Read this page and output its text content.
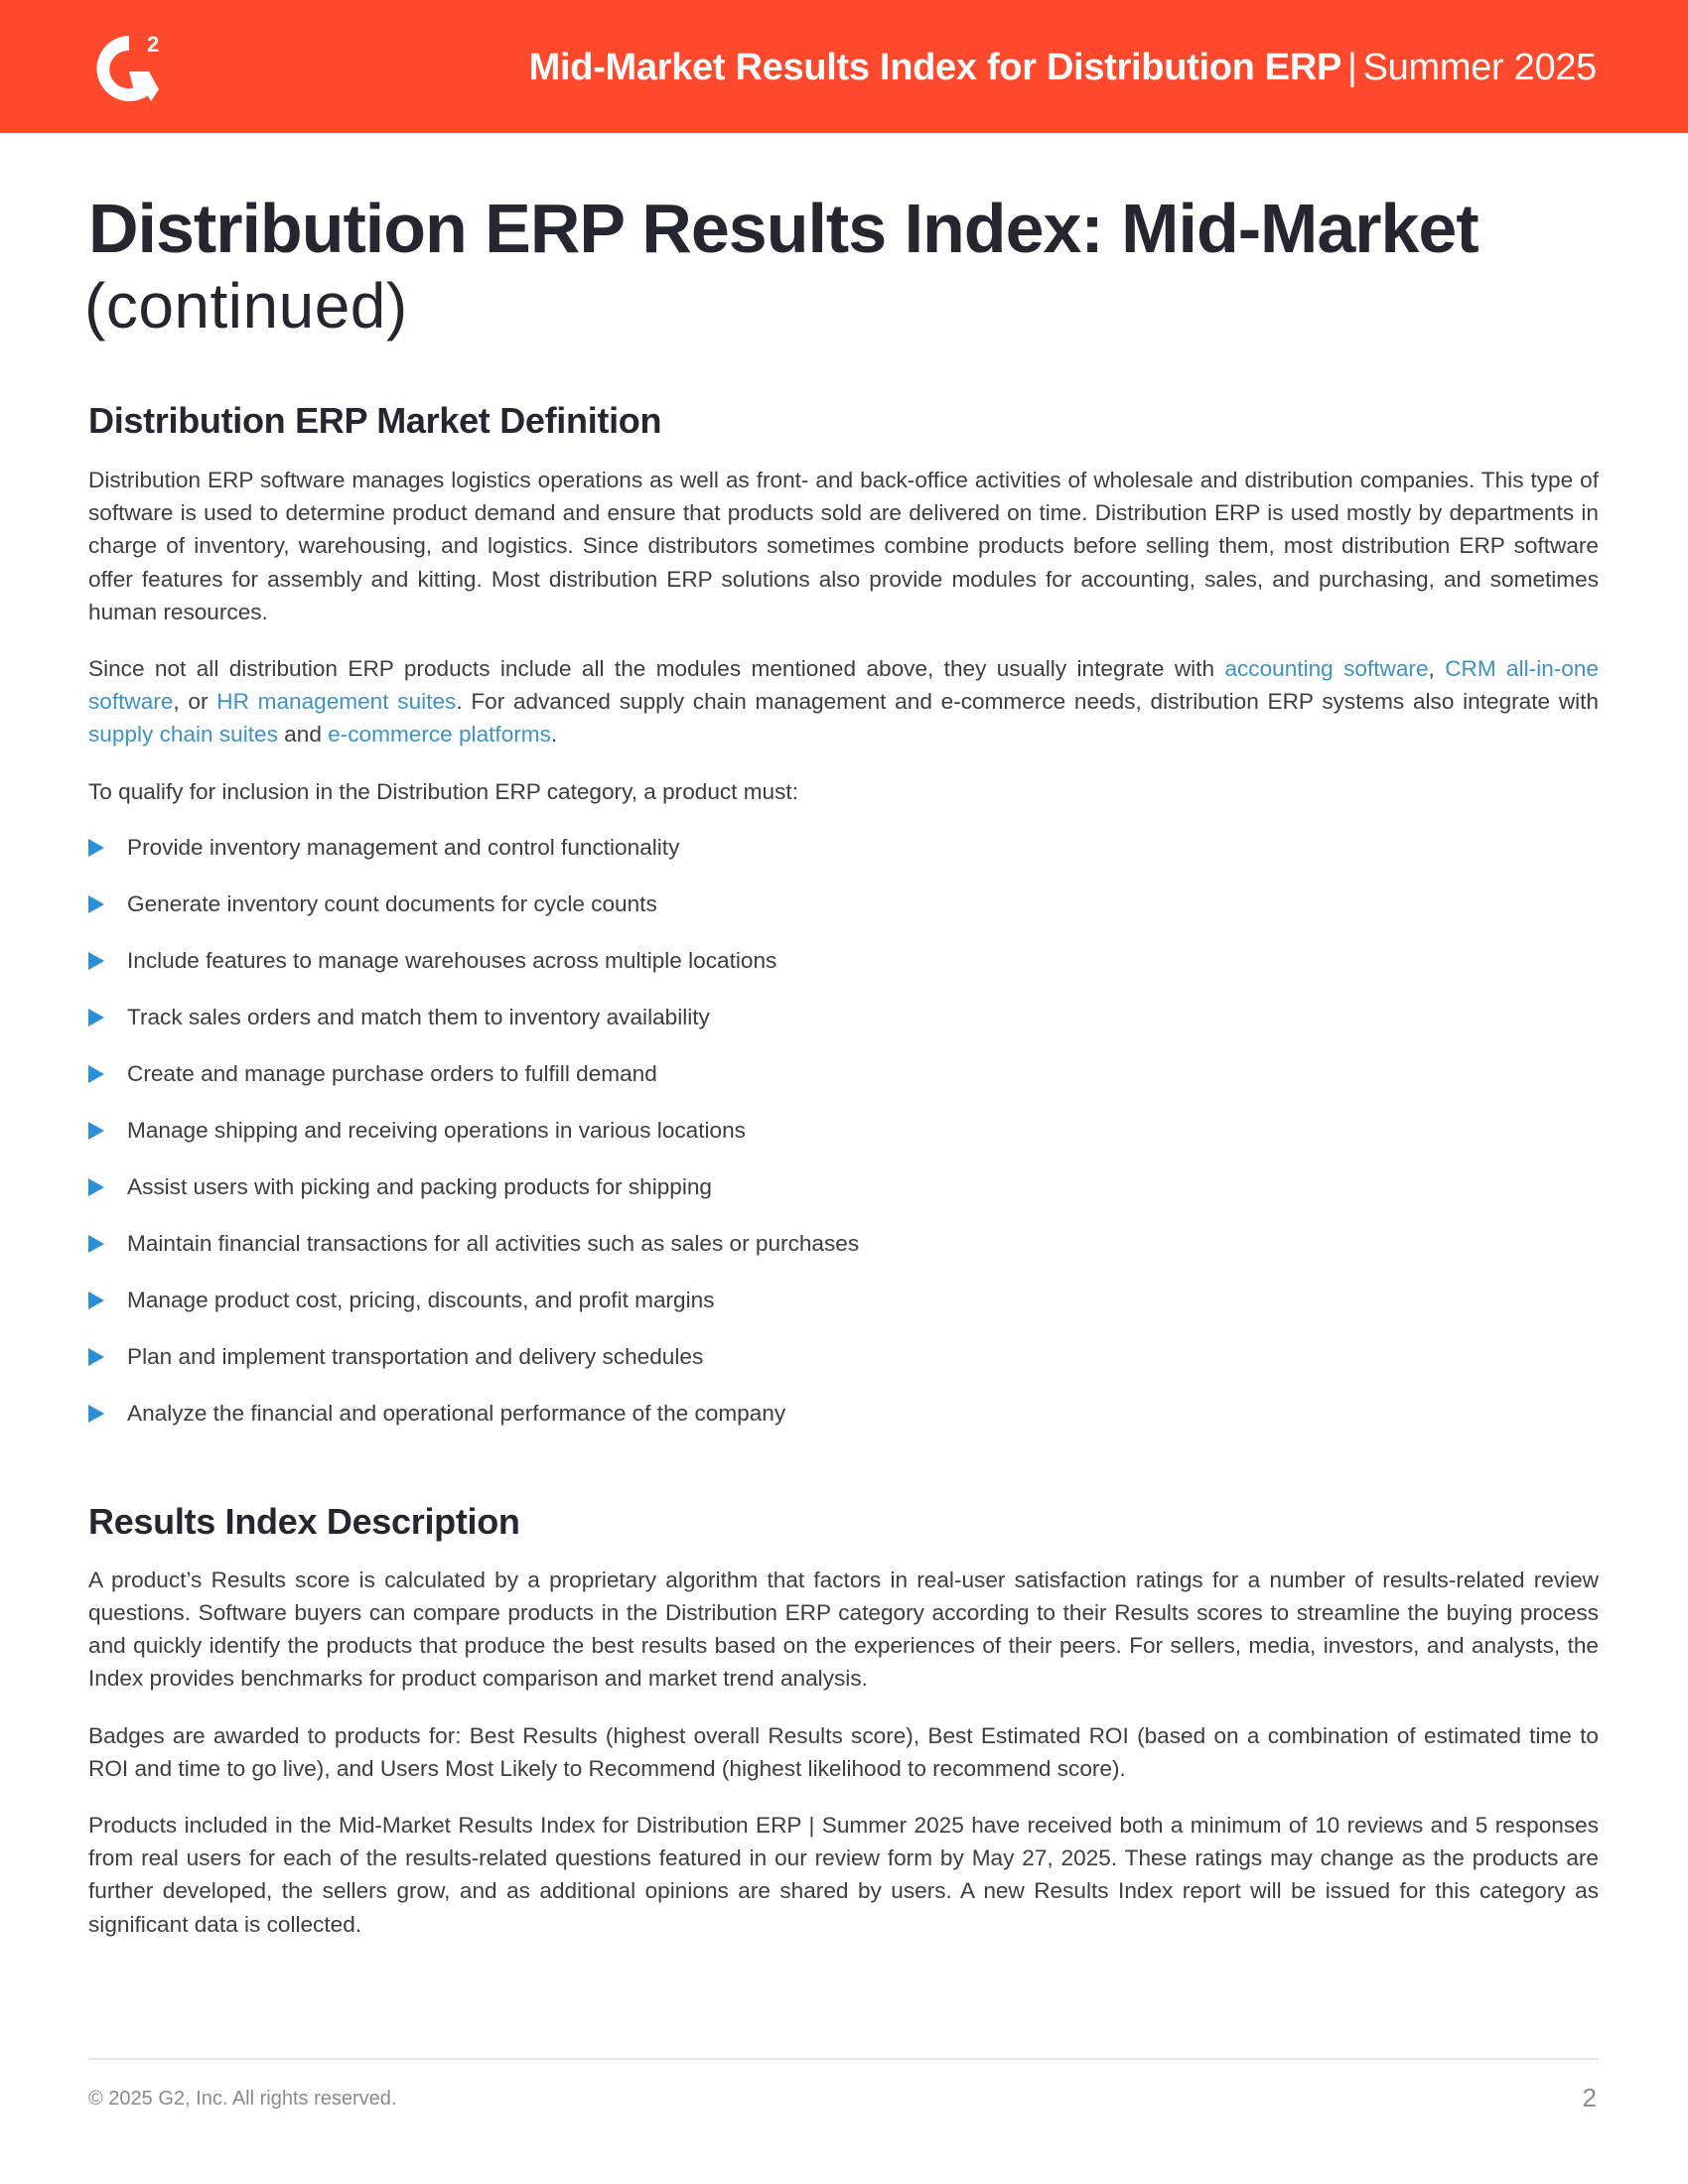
2
Mid-Market Results Index for Distribution ERP | Summer 2025
Distribution ERP Results Index: Mid-Market
(continued)
Distribution ERP Market Definition

Distribution ERP software manages logistics operations as well as front- and back-office activities of wholesale and distribution companies. This type of software is used to determine product demand and ensure that products sold are delivered on time. Distribution ERP is used mostly by departments in charge of inventory, warehousing, and logistics. Since distributors sometimes combine products before selling them, most distribution ERP software offer features for assembly and kitting. Most distribution ERP solutions also provide modules for accounting, sales, and purchasing, and sometimes human resources.

Since not all distribution ERP products include all the modules mentioned above, they usually integrate with accounting software, CRM all-in-one software, or HR management suites. For advanced supply chain management and e-commerce needs, distribution ERP systems also integrate with supply chain suites and e-commerce platforms.

To qualify for inclusion in the Distribution ERP category, a product must:

Provide inventory management and control functionality
Generate inventory count documents for cycle counts
Include features to manage warehouses across multiple locations
Track sales orders and match them to inventory availability
Create and manage purchase orders to fulfill demand
Manage shipping and receiving operations in various locations
Assist users with picking and packing products for shipping
Maintain financial transactions for all activities such as sales or purchases
Manage product cost, pricing, discounts, and profit margins
Plan and implement transportation and delivery schedules
Analyze the financial and operational performance of the company
Results Index Description

A product’s Results score is calculated by a proprietary algorithm that factors in real-user satisfaction ratings for a number of results-related review questions. Software buyers can compare products in the Distribution ERP category according to their Results scores to streamline the buying process and quickly identify the products that produce the best results based on the experiences of their peers. For sellers, media, investors, and analysts, the Index provides benchmarks for product comparison and market trend analysis.

Badges are awarded to products for: Best Results (highest overall Results score), Best Estimated ROI (based on a combination of estimated time to ROI and time to go live), and Users Most Likely to Recommend (highest likelihood to recommend score).

Products included in the Mid-Market Results Index for Distribution ERP | Summer 2025 have received both a minimum of 10 reviews and 5 responses from real users for each of the results-related questions featured in our review form by May 27, 2025. These ratings may change as the products are further developed, the sellers grow, and as additional opinions are shared by users. A new Results Index report will be issued for this category as significant data is collected.

© 2025 G2, Inc. All rights reserved.	2
